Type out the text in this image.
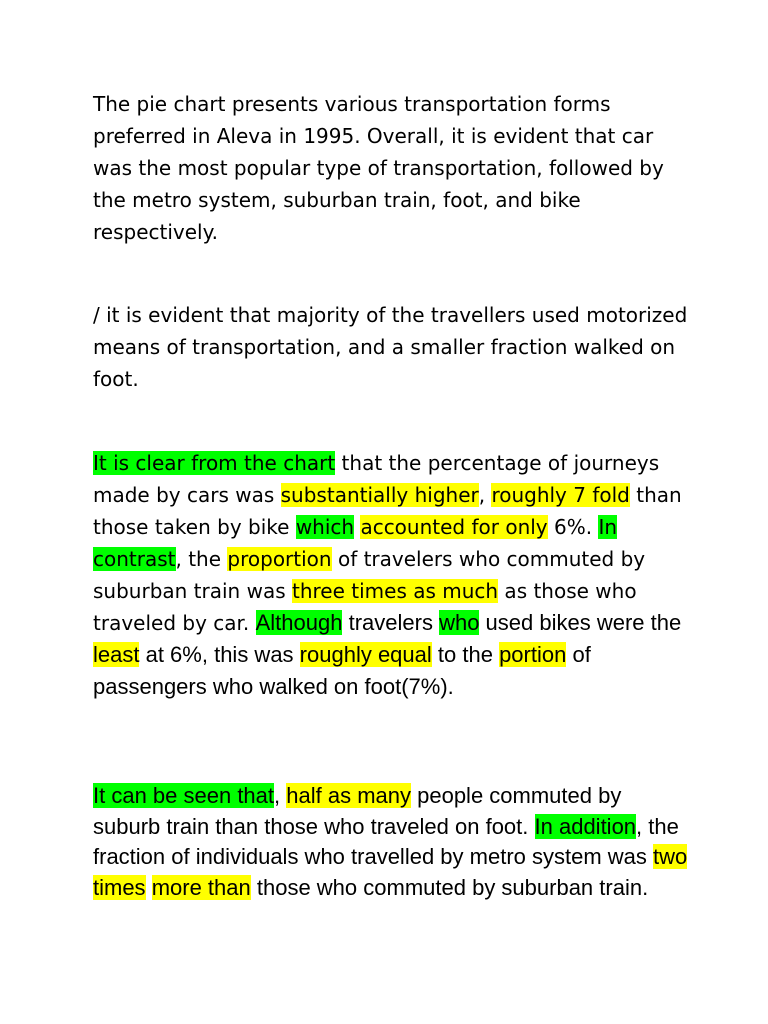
The pie chart presents various transportation forms preferred in Aleva in 1995. Overall, it is evident that car was the most popular type of transportation, followed by the metro system, suburban train, foot, and bike respectively.

/ it is evident that majority of the travellers used motorized means of transportation, and a smaller fraction walked on foot.

It is clear from the chart that the percentage of journeys made by cars was substantially higher, roughly 7 fold than those taken by bike which accounted for only 6%. In contrast, the proportion of travelers who commuted by suburban train was three times as much as those who traveled by car. Although travelers who used bikes were the least at 6%, this was roughly equal to the portion of passengers who walked on foot(7%).

It can be seen that, half as many people commuted by suburb train than those who traveled on foot. In addition, the fraction of individuals who travelled by metro system was two times more than those who commuted by suburban train.
